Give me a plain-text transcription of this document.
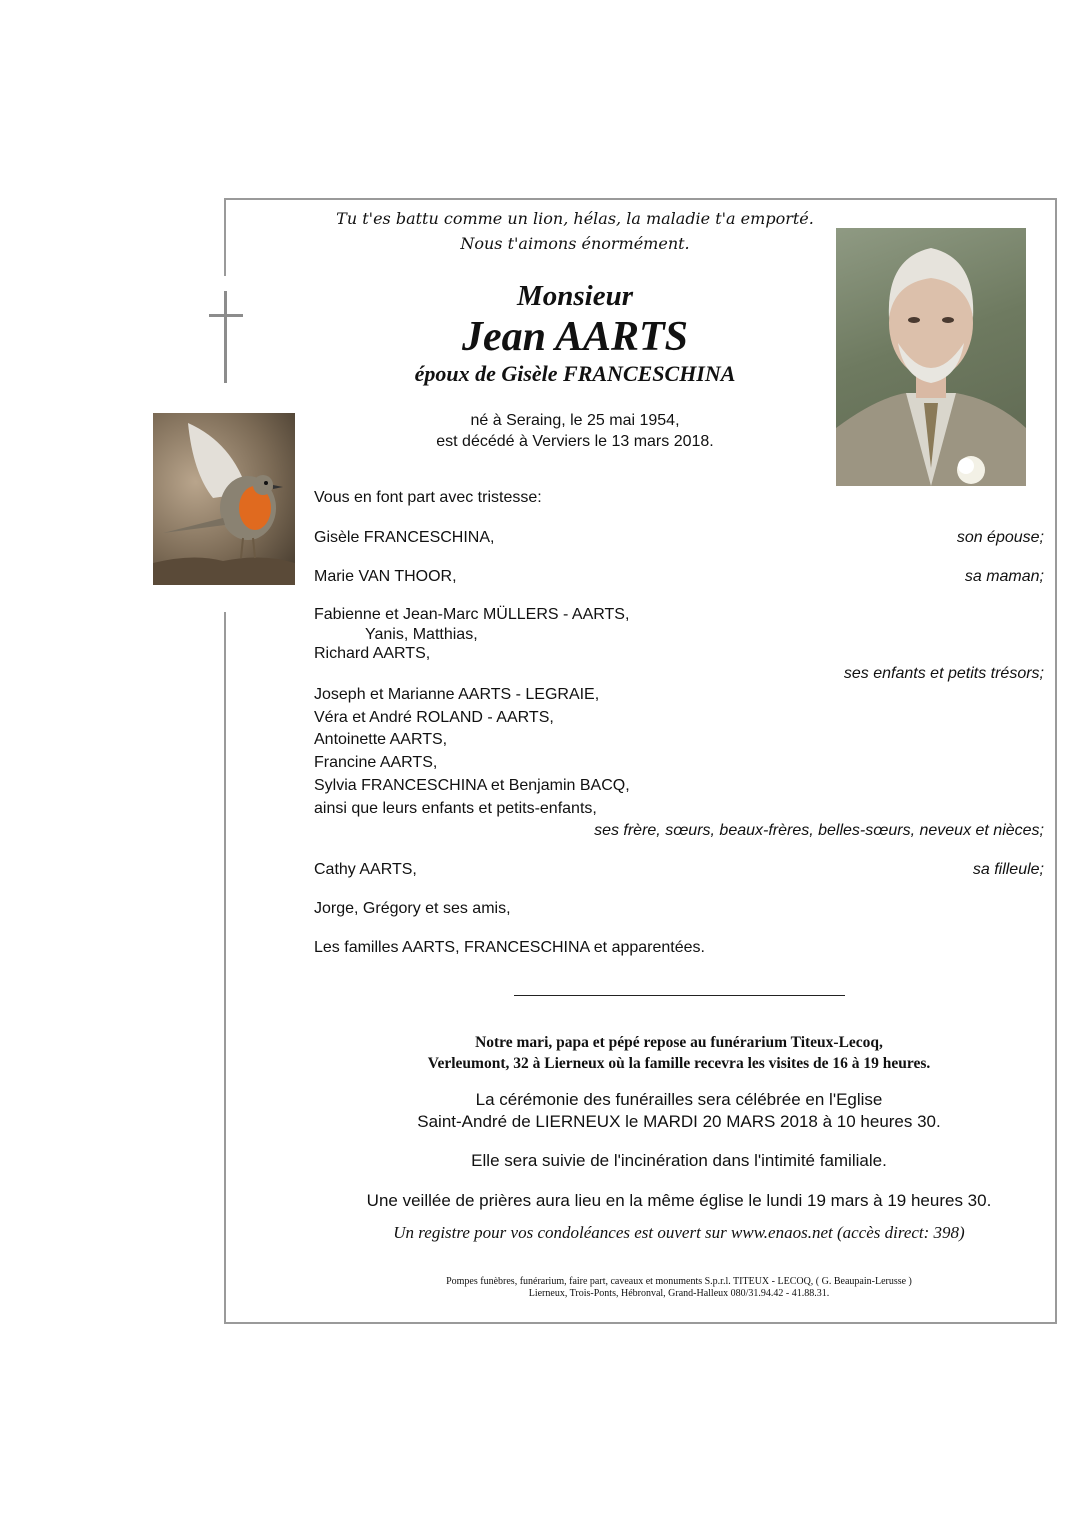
Tu t'es battu comme un lion, hélas, la maladie t'a emporté.
Nous t'aimons énormément.
Monsieur
Jean AARTS
époux de Gisèle FRANCESCHINA
né à Seraing, le 25 mai 1954,
est décédé à Verviers le 13 mars 2018.
Vous en font part avec tristesse:
Gisèle FRANCESCHINA,	son épouse;
Marie VAN THOOR,	sa maman;
Fabienne et Jean-Marc MÜLLERS - AARTS,
Yanis, Matthias,
Richard AARTS,
ses enfants et petits trésors;
Joseph et Marianne AARTS - LEGRAIE,
Véra et André ROLAND - AARTS,
Antoinette AARTS,
Francine AARTS,
Sylvia FRANCESCHINA et Benjamin BACQ,
ainsi que leurs enfants et petits-enfants,
ses frère, sœurs, beaux-frères, belles-sœurs, neveux et nièces;
Cathy AARTS,	sa filleule;
Jorge, Grégory et ses amis,
Les familles AARTS, FRANCESCHINA et apparentées.
Notre mari, papa et pépé repose au funérarium Titeux-Lecoq,
Verleumont, 32 à Lierneux où la famille recevra les visites de 16 à 19 heures.
La cérémonie des funérailles sera célébrée en l'Eglise
Saint-André de LIERNEUX le MARDI 20 MARS 2018 à 10 heures 30.
Elle sera suivie de l'incinération dans l'intimité familiale.
Une veillée de prières aura lieu en la même église le lundi 19 mars à 19 heures 30.
Un registre pour vos condoléances est ouvert sur www.enaos.net (accès direct: 398)
Pompes funèbres, funérarium, faire part, caveaux et monuments S.p.r.l. TITEUX - LECOQ, ( G. Beaupain-Lerusse )
Lierneux, Trois-Ponts, Hébronval, Grand-Halleux 080/31.94.42 - 41.88.31.
